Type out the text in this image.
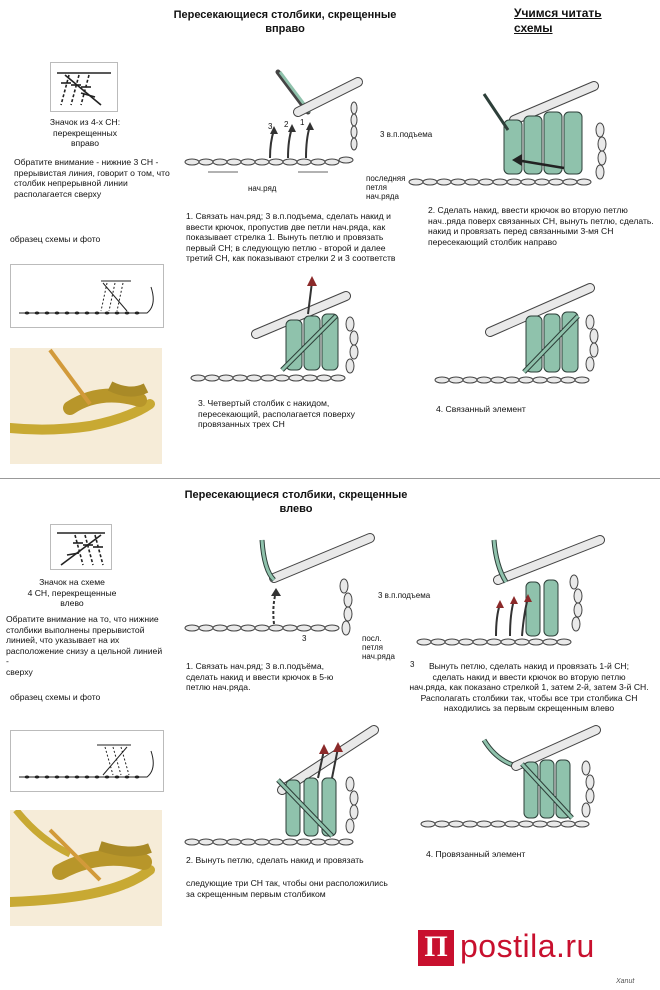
Пересекающиеся столбики, скрещенные вправо
Учимся читать схемы
Значок из 4-х СН:
перекрещенных
вправо
Обратите внимание - нижние 3 СН -
прерывистая линия, говорит о том, что
столбик непрерывной линии
располагается сверху
образец схемы и фото
3 2 1
3 в.п.подъема
последняя
петля
нач.ряда
нач.ряд
1. Связать нач.ряд; 3 в.п.подъема, сделать накид и
ввести крючок, пропустив две петли нач.ряда, как
показывает стрелка 1. Вынуть петлю и провязать
первый СН; в следующую петлю - второй и далее
третий СН, как показывают стрелки 2 и 3 соответств
2. Сделать накид, ввести крючок во вторую петлю
нач..ряда поверх связанных СН, вынуть петлю, сделать.
накид и провязать перед связанными 3-мя СН
пересекающий столбик направо
3. Четвертый столбик с накидом,
пересекающий, располагается поверху
провязанных трех СН
4. Связанный элемент
Пересекающиеся столбики, скрещенные влево
Значок на схеме
4 СН, перекрещенные
влево
Обратите внимание на то, что нижние
столбики выполнены прерывистой
линией, что указывает на их
расположение снизу а цельной линией -
сверху
образец схемы и фото
3 в.п.подъема
посл.
петля
нач.ряда
3
1. Связать нач.ряд; 3 в.п.подъёма,
сделать накид и ввести крючок в 5-ю
петлю нач.ряда.
3	Вынуть петлю, сделать накид и провязать 1-й СН;
сделать накид и ввести крючок во вторую петлю
нач.ряда, как показано стрелкой 1, затем 2-й, затем 3-й СН.
Располагать столбики так, чтобы все три столбика СН
находились за первым скрещенным влево
2. Вынуть петлю, сделать накид и провязать
следующие три СН так, чтобы они расположились
за скрещенным первым столбиком
4. Провязанный элемент
П postila.ru
Xanut
